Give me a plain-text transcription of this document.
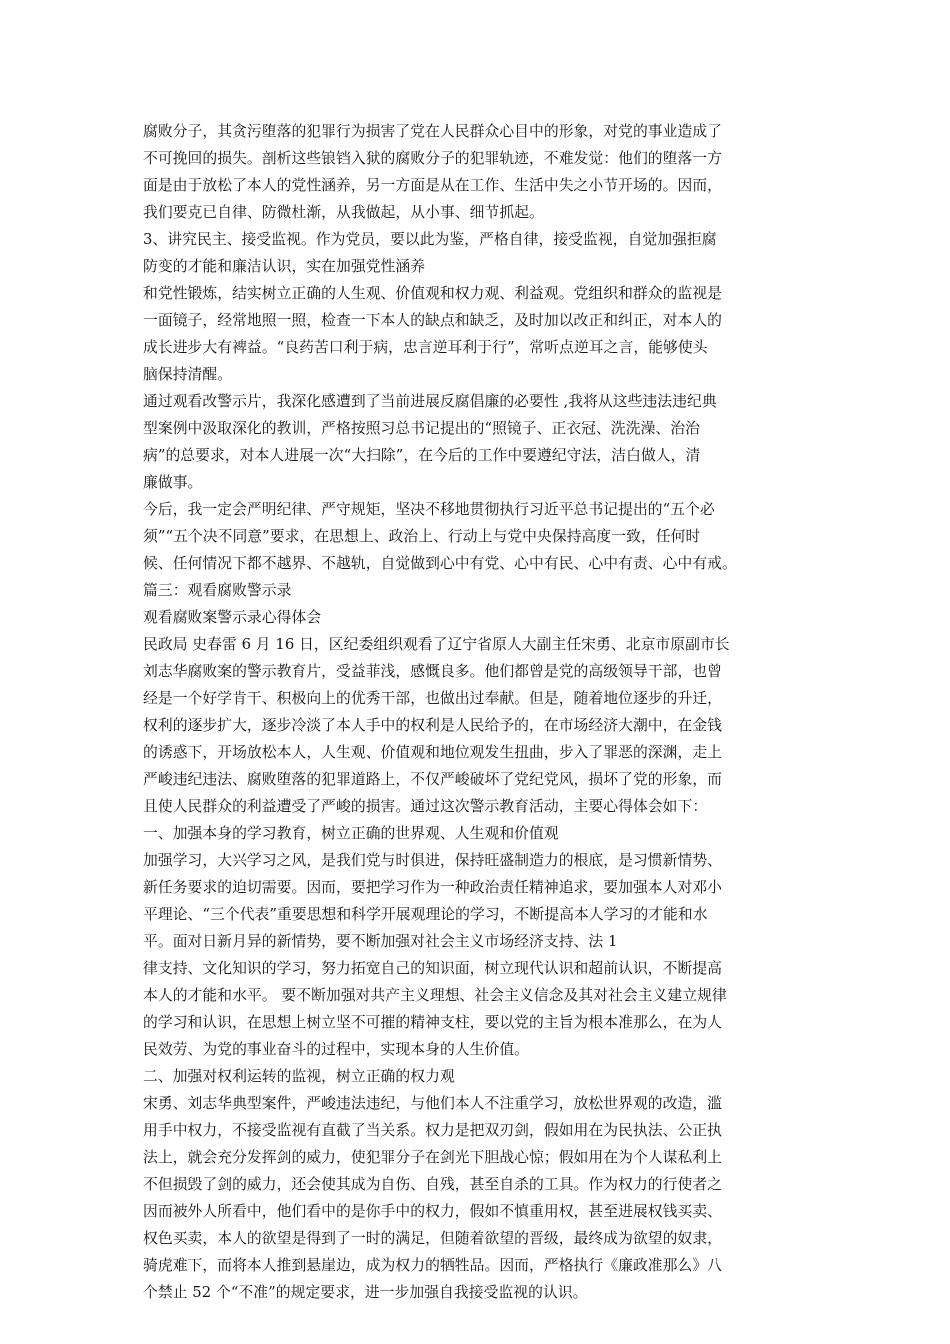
腐败分子，其贪污堕落的犯罪行为损害了党在人民群众心目中的形象，对党的事业造成了
不可挽回的损失。剖析这些锒铛入狱的腐败分子的犯罪轨迹，不难发觉：他们的堕落一方
面是由于放松了本人的党性涵养，另一方面是从在工作、生活中失之小节开场的。因而，
我们要克已自律、防微杜渐，从我做起，从小事、细节抓起。
3、讲究民主、接受监视。作为党员，要以此为鉴，严格自律，接受监视，自觉加强拒腐
防变的才能和廉洁认识，实在加强党性涵养
和党性锻炼，结实树立正确的人生观、价值观和权力观、利益观。党组织和群众的监视是
一面镜子，经常地照一照，检查一下本人的缺点和缺乏，及时加以改正和纠正，对本人的
成长进步大有裨益。“良药苦口利于病，忠言逆耳利于行”，常听点逆耳之言，能够使头
脑保持清醒。
通过观看改警示片，我深化感遭到了当前进展反腐倡廉的必要性 ,我将从这些违法违纪典
型案例中汲取深化的教训，严格按照习总书记提出的“照镜子、正衣冠、洗洗澡、治治
病”的总要求，对本人进展一次“大扫除”，在今后的工作中要遵纪守法，洁白做人，清
廉做事。
今后，我一定会严明纪律、严守规矩，坚决不移地贯彻执行习近平总书记提出的“五个必
须”“五个决不同意”要求，在思想上、政治上、行动上与党中央保持高度一致，任何时
候、任何情况下都不越界、不越轨，自觉做到心中有党、心中有民、心中有责、心中有戒。
篇三：观看腐败警示录
观看腐败案警示录心得体会
民政局 史春雷 6 月 16 日，区纪委组织观看了辽宁省原人大副主任宋勇、北京市原副市长
刘志华腐败案的警示教育片，受益菲浅，感慨良多。他们都曾是党的高级领导干部，也曾
经是一个好学肯干、积极向上的优秀干部，也做出过奉献。但是，随着地位逐步的升迁，
权利的逐步扩大，逐步冷淡了本人手中的权利是人民给予的，在市场经济大潮中，在金钱
的诱惑下，开场放松本人，人生观、价值观和地位观发生扭曲，步入了罪恶的深渊，走上
严峻违纪违法、腐败堕落的犯罪道路上，不仅严峻破坏了党纪党风，损坏了党的形象，而
且使人民群众的利益遭受了严峻的损害。通过这次警示教育活动，主要心得体会如下：
一、加强本身的学习教育，树立正确的世界观、人生观和价值观
加强学习，大兴学习之风，是我们党与时俱进，保持旺盛制造力的根底，是习惯新情势、
新任务要求的迫切需要。因而，要把学习作为一种政治责任精神追求，要加强本人对邓小
平理论、“三个代表”重要思想和科学开展观理论的学习，不断提高本人学习的才能和水
平。面对日新月异的新情势，要不断加强对社会主义市场经济支持、法 1
律支持、文化知识的学习，努力拓宽自己的知识面，树立现代认识和超前认识，不断提高
本人的才能和水平。 要不断加强对共产主义理想、社会主义信念及其对社会主义建立规律
的学习和认识，在思想上树立坚不可摧的精神支柱，要以党的主旨为根本准那么，在为人
民效劳、为党的事业奋斗的过程中，实现本身的人生价值。
二、加强对权利运转的监视，树立正确的权力观
宋勇、刘志华典型案件，严峻违法违纪，与他们本人不注重学习，放松世界观的改造，滥
用手中权力，不接受监视有直截了当关系。权力是把双刃剑，假如用在为民执法、公正执
法上，就会充分发挥剑的威力，使犯罪分子在剑光下胆战心惊；假如用在为个人谋私利上
不但损毁了剑的威力，还会使其成为自伤、自残，甚至自杀的工具。作为权力的行使者之
因而被外人所看中，他们看中的是你手中的权力，假如不慎重用权，甚至进展权钱买卖、
权色买卖，本人的欲望是得到了一时的满足，但随着欲望的晋级，最终成为欲望的奴隶，
骑虎难下，而将本人推到悬崖边，成为权力的牺牲品。因而，严格执行《廉政准那么》八
个禁止 52 个“不准”的规定要求，进一步加强自我接受监视的认识。
